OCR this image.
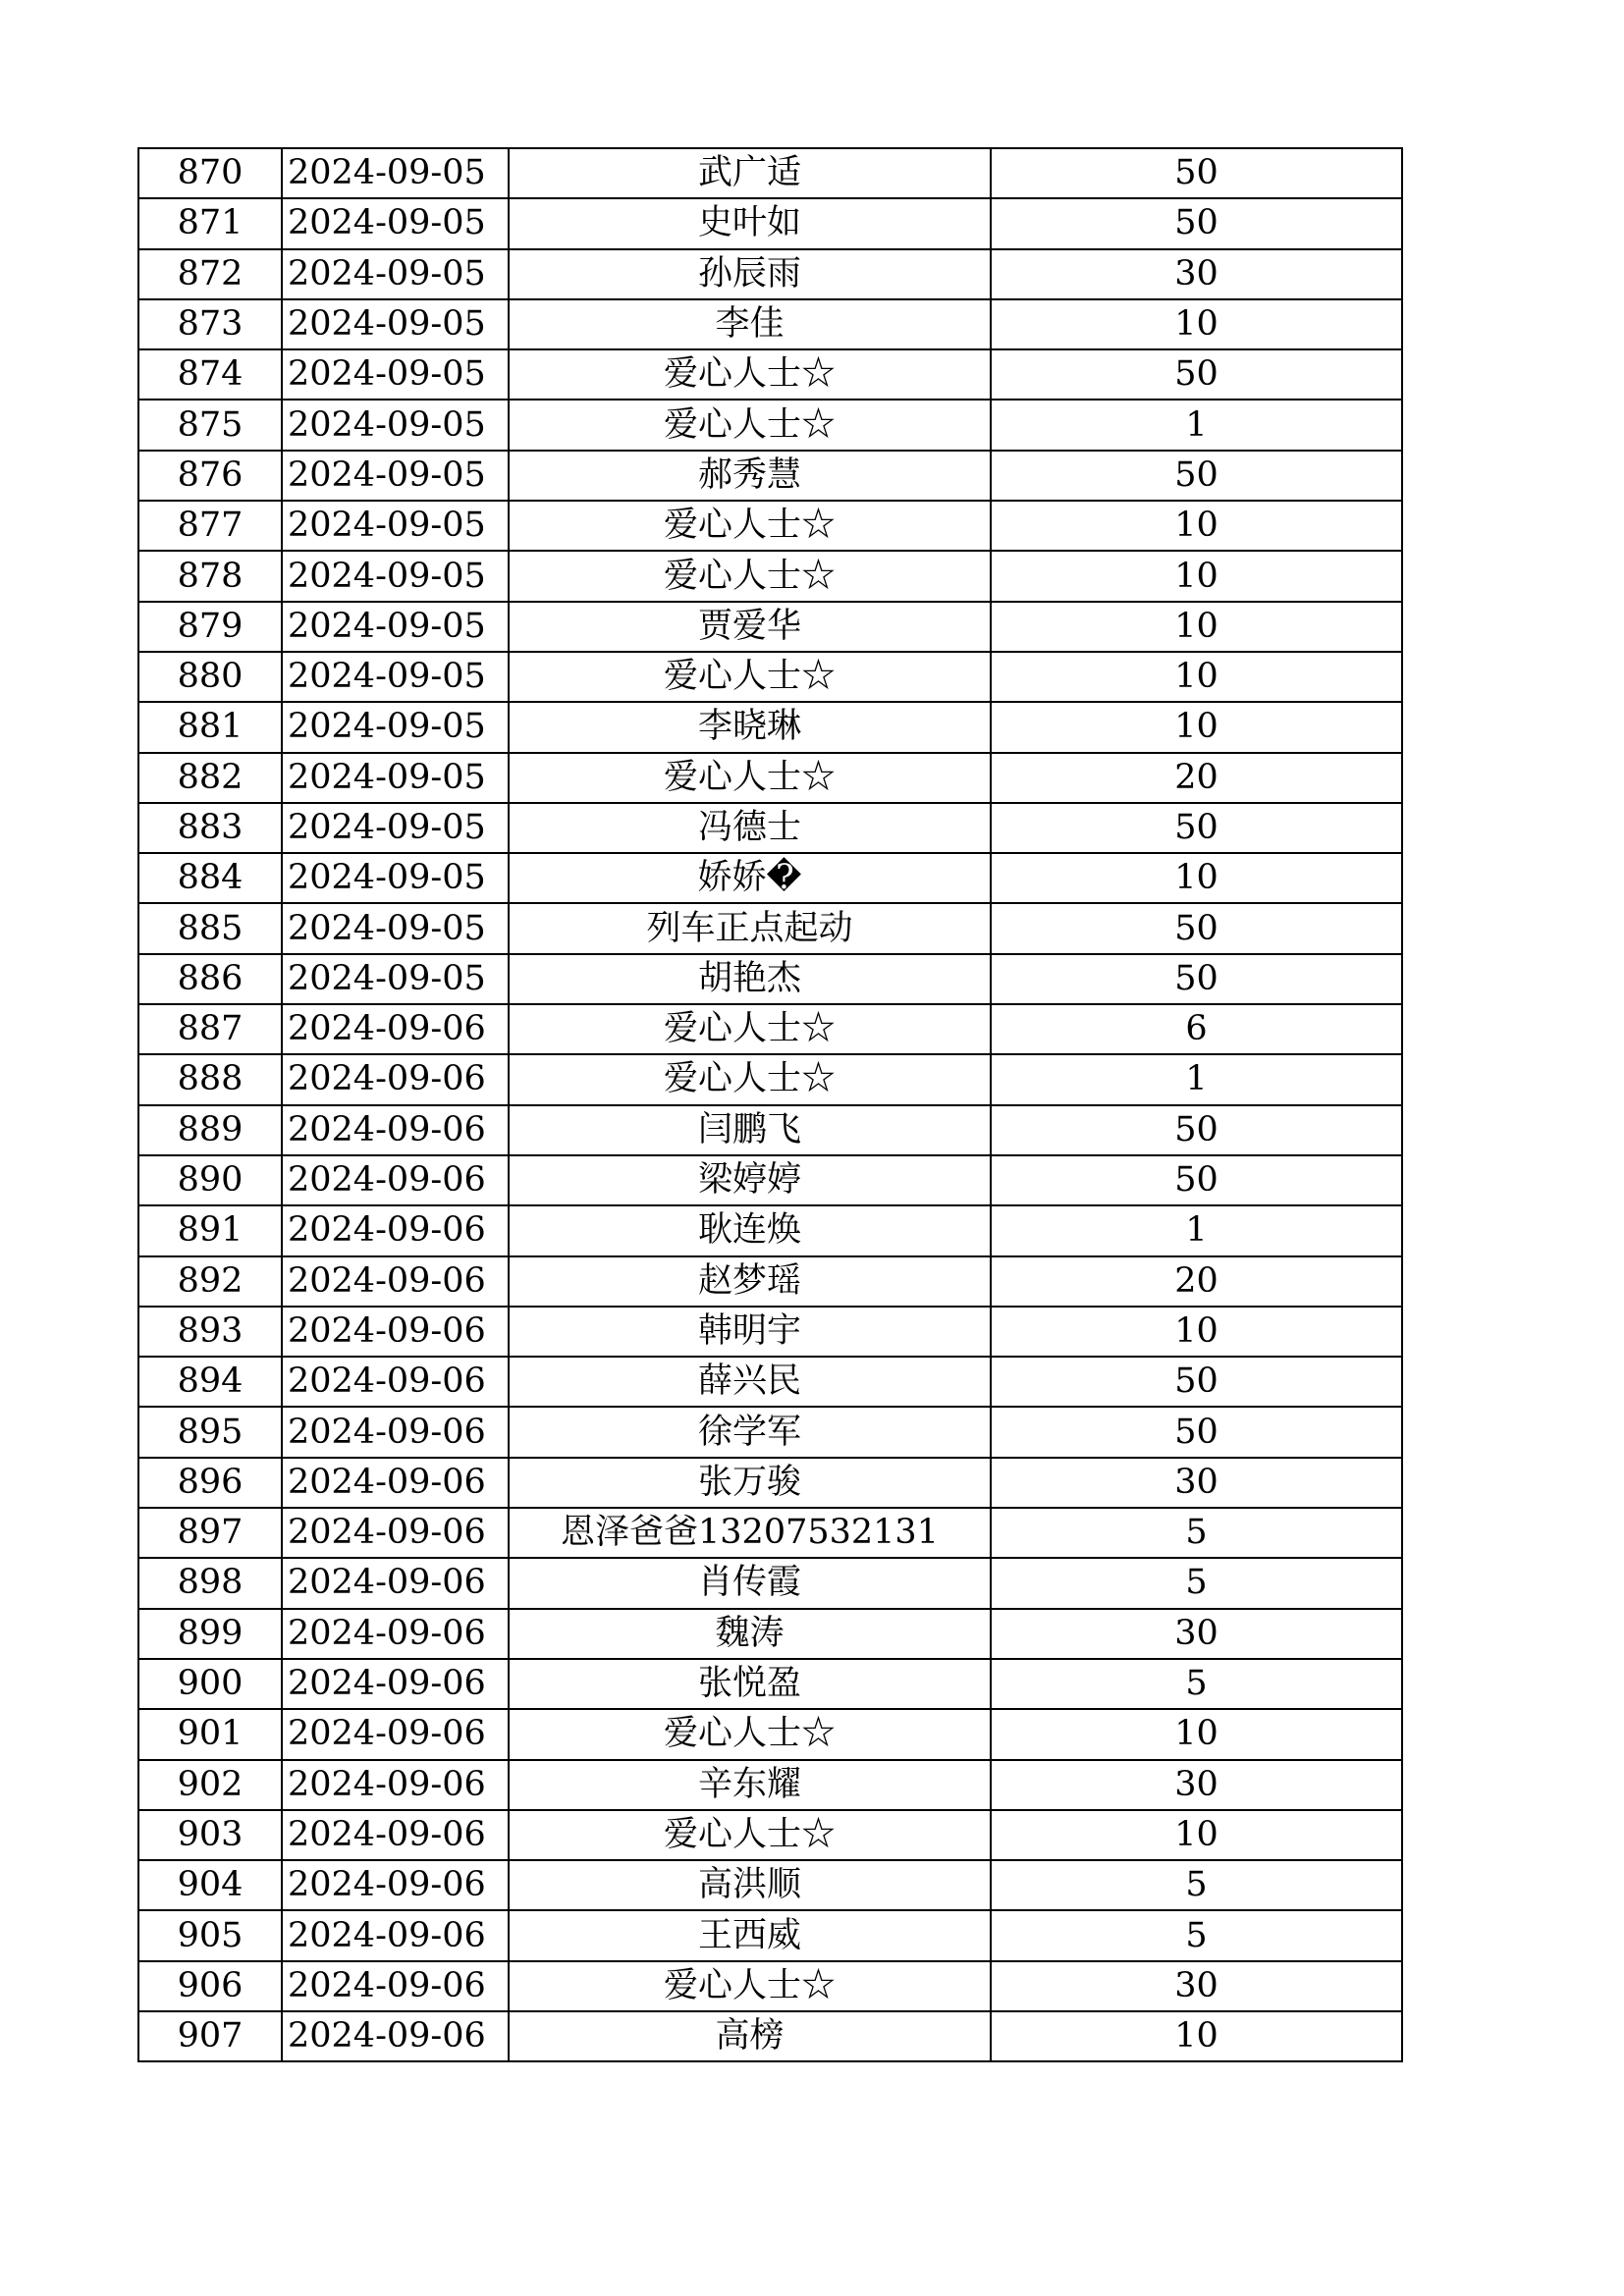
870	2024-09-05	武广适	50
871	2024-09-05	史叶如	50
872	2024-09-05	孙辰雨	30
873	2024-09-05	李佳	10
874	2024-09-05	爱心人士☆	50
875	2024-09-05	爱心人士☆	1
876	2024-09-05	郝秀慧	50
877	2024-09-05	爱心人士☆	10
878	2024-09-05	爱心人士☆	10
879	2024-09-05	贾爱华	10
880	2024-09-05	爱心人士☆	10
881	2024-09-05	李晓琳	10
882	2024-09-05	爱心人士☆	20
883	2024-09-05	冯德士	50
884	2024-09-05	娇娇�	10
885	2024-09-05	列车正点起动	50
886	2024-09-05	胡艳杰	50
887	2024-09-06	爱心人士☆	6
888	2024-09-06	爱心人士☆	1
889	2024-09-06	闫鹏飞	50
890	2024-09-06	梁婷婷	50
891	2024-09-06	耿连焕	1
892	2024-09-06	赵梦瑶	20
893	2024-09-06	韩明宇	10
894	2024-09-06	薛兴民	50
895	2024-09-06	徐学军	50
896	2024-09-06	张万骏	30
897	2024-09-06	恩泽爸爸13207532131	5
898	2024-09-06	肖传霞	5
899	2024-09-06	魏涛	30
900	2024-09-06	张悦盈	5
901	2024-09-06	爱心人士☆	10
902	2024-09-06	辛东耀	30
903	2024-09-06	爱心人士☆	10
904	2024-09-06	高洪顺	5
905	2024-09-06	王西威	5
906	2024-09-06	爱心人士☆	30
907	2024-09-06	高榜	10
